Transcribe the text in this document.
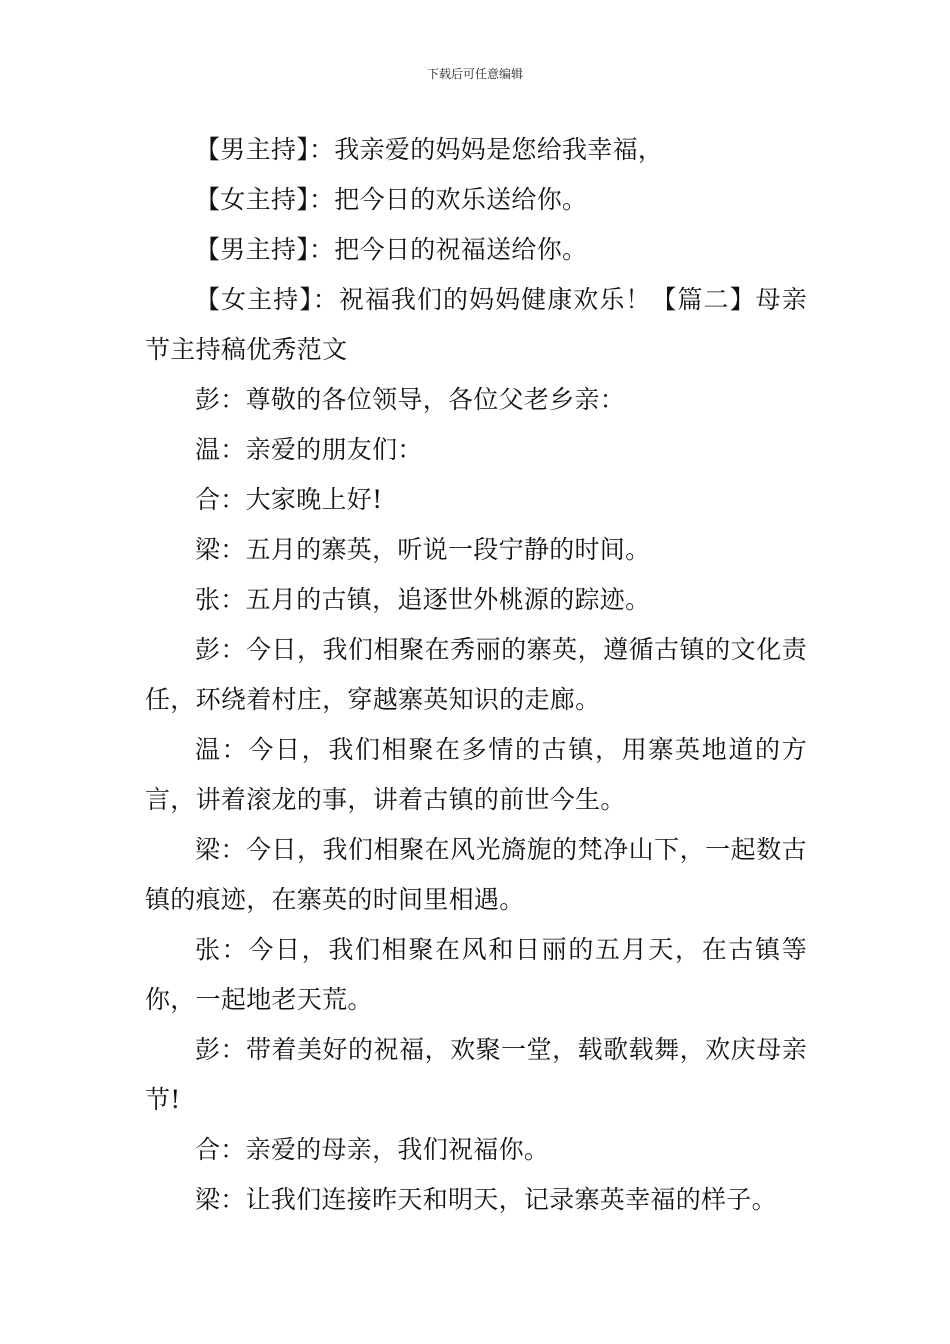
下载后可任意编辑

【男主持】：我亲爱的妈妈是您给我幸福，

【女主持】：把今日的欢乐送给你。

【男主持】：把今日的祝福送给你。

【女主持】：祝福我们的妈妈健康欢乐！【篇二】母亲节主持稿优秀范文

彭：尊敬的各位领导，各位父老乡亲：

温：亲爱的朋友们：

合：大家晚上好!

梁：五月的寨英，听说一段宁静的时间。

张：五月的古镇，追逐世外桃源的踪迹。

彭：今日，我们相聚在秀丽的寨英，遵循古镇的文化责任，环绕着村庄，穿越寨英知识的走廊。

温：今日，我们相聚在多情的古镇，用寨英地道的方言，讲着滚龙的事，讲着古镇的前世今生。

梁：今日，我们相聚在风光旖旎的梵净山下，一起数古镇的痕迹，在寨英的时间里相遇。

张：今日，我们相聚在风和日丽的五月天，在古镇等你，一起地老天荒。

彭：带着美好的祝福，欢聚一堂，载歌载舞，欢庆母亲节!

合：亲爱的母亲，我们祝福你。

梁：让我们连接昨天和明天，记录寨英幸福的样子。
